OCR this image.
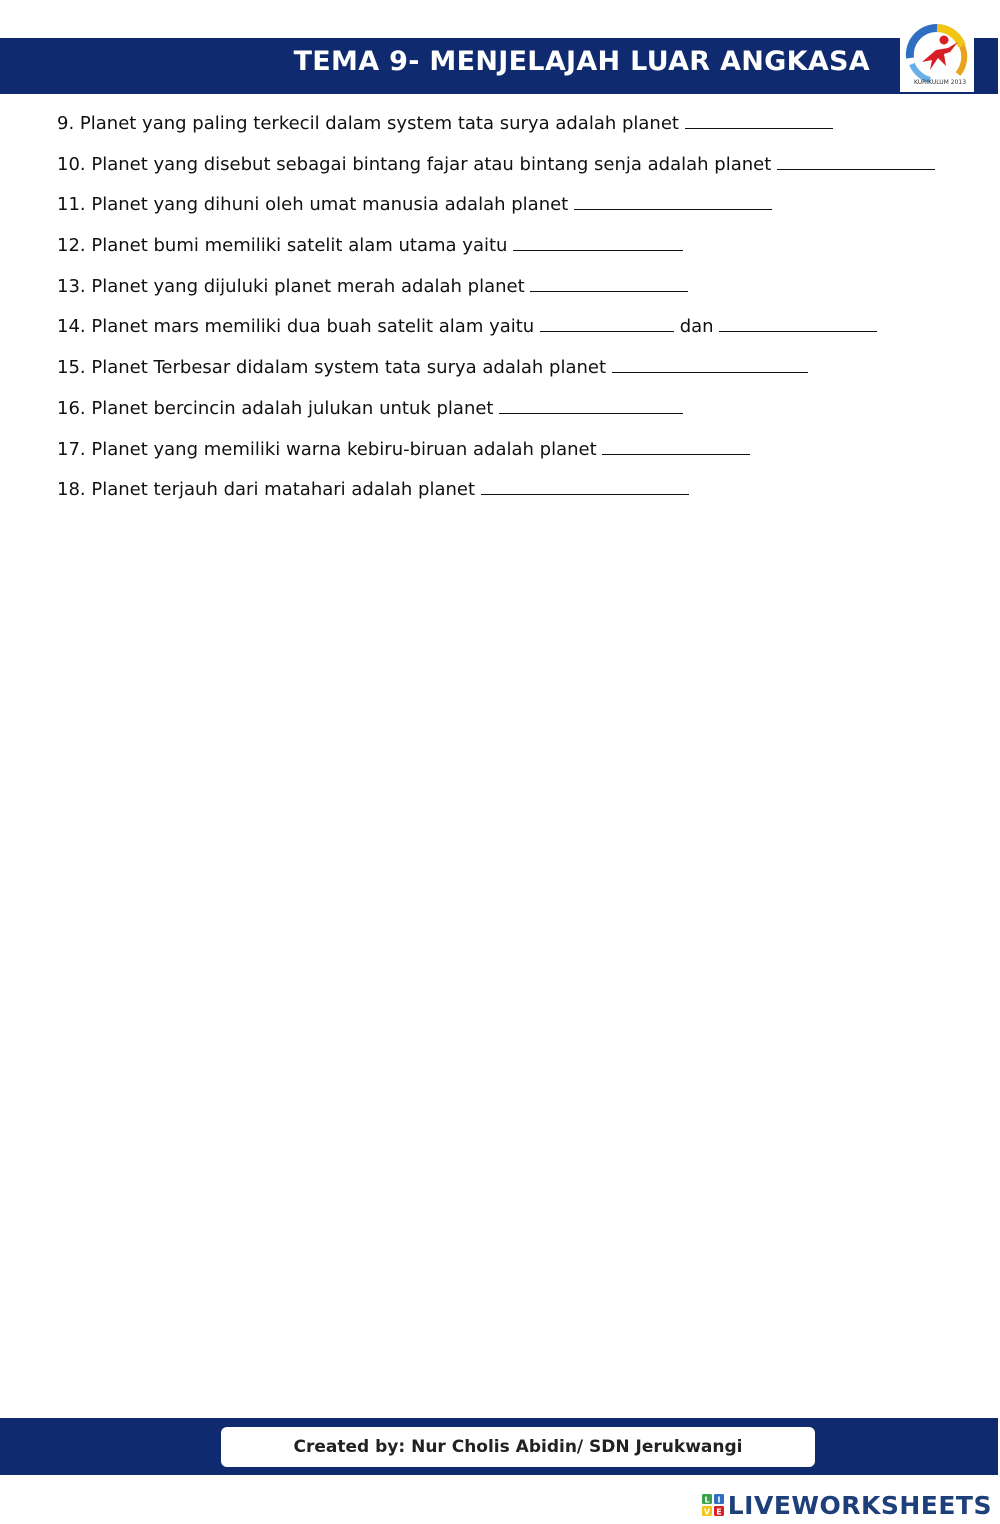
TEMA 9- MENJELAJAH LUAR ANGKASA
KURIKULUM 2013
9. Planet yang paling terkecil dalam system tata surya adalah planet
10. Planet yang disebut sebagai bintang fajar atau bintang senja adalah planet
11. Planet yang dihuni oleh umat manusia adalah planet
12. Planet bumi memiliki satelit alam utama yaitu
13. Planet yang dijuluki planet merah adalah planet
14. Planet mars memiliki dua buah satelit alam yaitu	dan
15. Planet Terbesar didalam system tata surya adalah planet
16. Planet bercincin adalah julukan untuk planet
17. Planet yang memiliki warna kebiru-biruan adalah planet
18. Planet terjauh dari matahari adalah planet
Created by: Nur Cholis Abidin/ SDN Jerukwangi
L I
V E LIVEWORKSHEETS
